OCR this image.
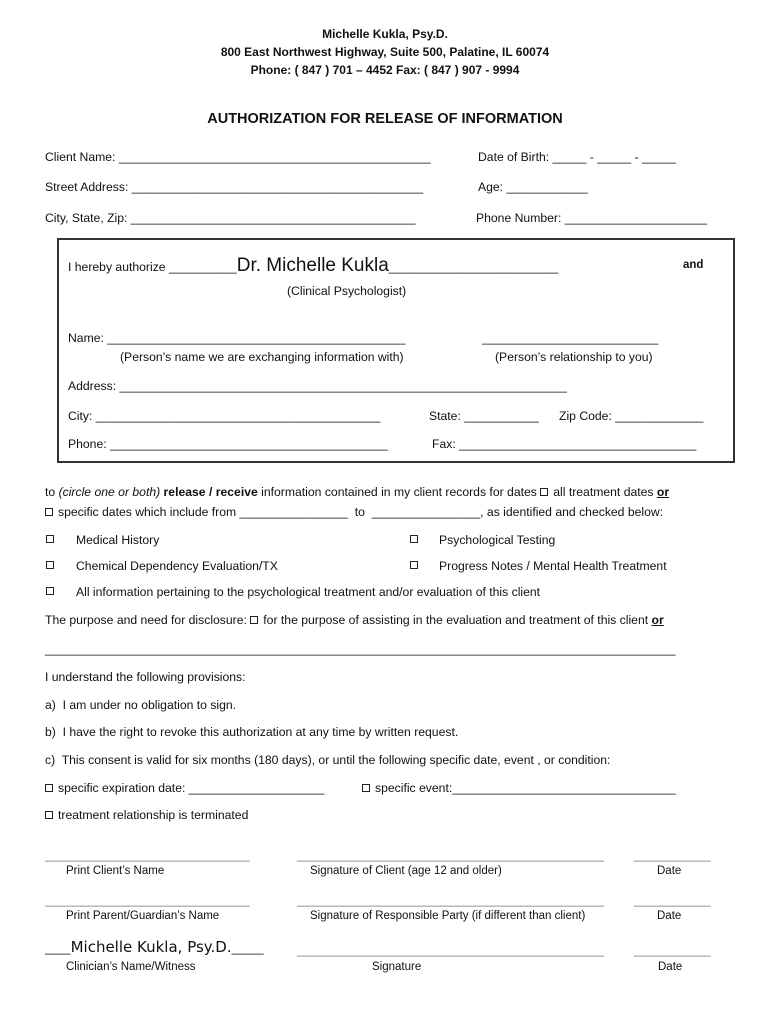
Michelle Kukla, Psy.D.
800 East Northwest Highway, Suite 500, Palatine, IL 60074
Phone: ( 847 ) 701 – 4452 Fax: ( 847 ) 907 - 9994
AUTHORIZATION FOR RELEASE OF INFORMATION
Client Name: ______________________________________________	Date of Birth: _____ - _____ - _____
Street Address: ___________________________________________	Age: ____________
City, State, Zip: __________________________________________	Phone Number: _____________________
I hereby authorize __________Dr. Michelle Kukla_________________________	and
(Clinical Psychologist)
Name: ____________________________________________	__________________________
(Person’s name we are exchanging information with)	(Person’s relationship to you)
Address: __________________________________________________________________
City: __________________________________________	State: ___________ Zip Code: _____________
Phone: _________________________________________	Fax: ___________________________________
to (circle one or both) release / receive information contained in my client records for dates all treatment dates or
specific dates which include from ________________  to  ________________, as identified and checked below:
Medical History	Psychological Testing
Chemical Dependency Evaluation/TX	Progress Notes / Mental Health Treatment
All information pertaining to the psychological treatment and/or evaluation of this client
The purpose and need for disclosure: for the purpose of assisting in the evaluation and treatment of this client or
_____________________________________________________________________________________________
I understand the following provisions:
a)  I am under no obligation to sign.
b)  I have the right to revoke this authorization at any time by written request.
c)  This consent is valid for six months (180 days), or until the following specific date, event , or condition:
specific expiration date: ____________________	specific event:_________________________________
treatment relationship is terminated
________________________________	________________________________________________	____________
Print Client’s Name	Signature of Client (age 12 and older)	Date
________________________________	________________________________________________	____________
Print Parent/Guardian’s Name	Signature of Responsible Party (if different than client)	Date
____Michelle Kukla, Psy.D._____	________________________________________________	____________
Clinician’s Name/Witness	Signature	Date
